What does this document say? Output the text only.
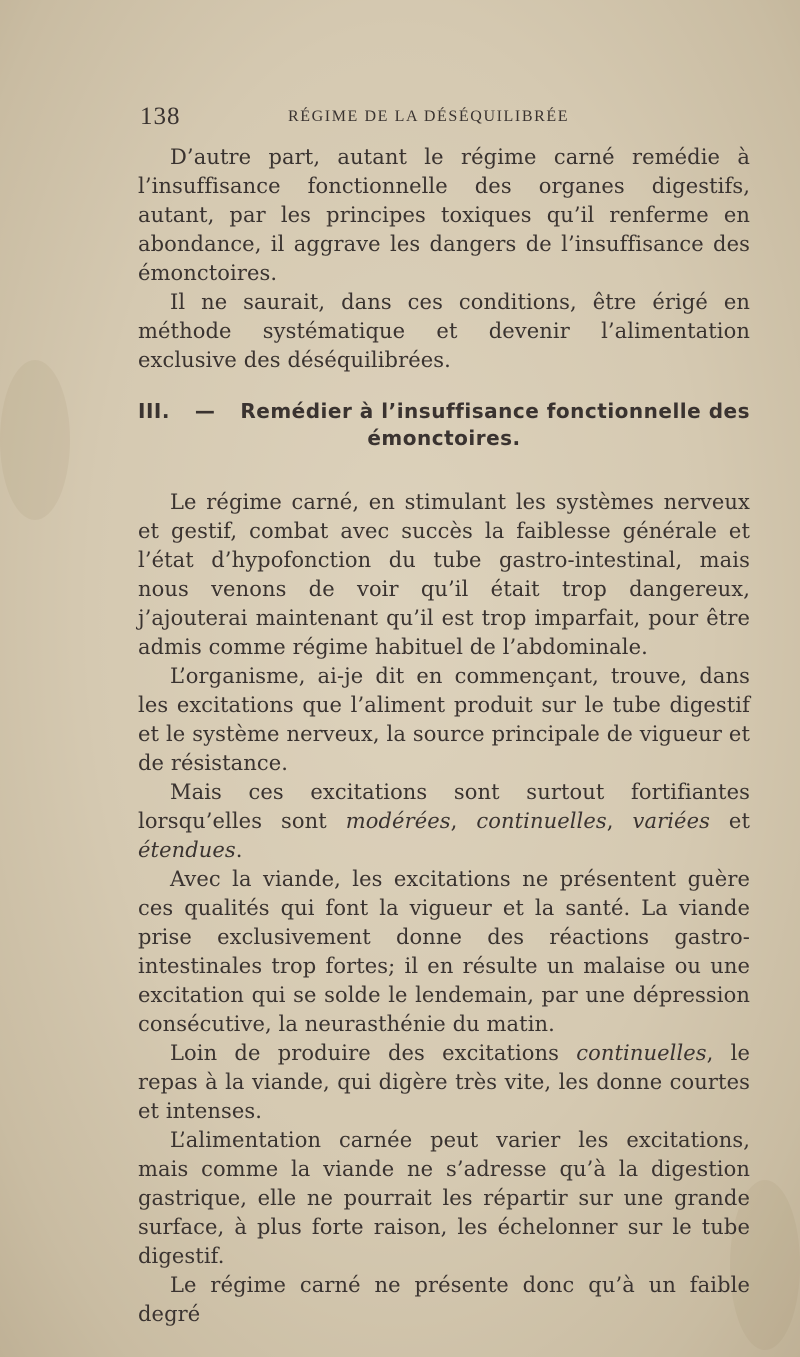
138	RÉGIME DE LA DÉSÉQUILIBRÉE

D’autre part, autant le régime carné remédie à l’insuffisance fonctionnelle des organes digestifs, autant, par les principes toxiques qu’il renferme en abondance, il aggrave les dangers de l’insuffisance des émonctoires.

Il ne saurait, dans ces conditions, être érigé en méthode systématique et devenir l’alimentation exclusive des déséquilibrées.

III. — Remédier à l’insuffisance fonctionnelle des
émonctoires.

Le régime carné, en stimulant les systèmes nerveux et gestif, combat avec succès la faiblesse générale et l’état d’hypofonction du tube gastro-intestinal, mais nous venons de voir qu’il était trop dangereux, j’ajouterai maintenant qu’il est trop imparfait, pour être admis comme régime habituel de l’abdominale.

L’organisme, ai-je dit en commençant, trouve, dans les excitations que l’aliment produit sur le tube digestif et le système nerveux, la source principale de vigueur et de résistance.

Mais ces excitations sont surtout fortifiantes lorsqu’elles sont modérées, continuelles, variées et étendues.

Avec la viande, les excitations ne présentent guère ces qualités qui font la vigueur et la santé. La viande prise exclusivement donne des réactions gastro-intestinales trop fortes; il en résulte un malaise ou une excitation qui se solde le lendemain, par une dépression consécutive, la neurasthénie du matin.

Loin de produire des excitations continuelles, le repas à la viande, qui digère très vite, les donne courtes et intenses.

L’alimentation carnée peut varier les excitations, mais comme la viande ne s’adresse qu’à la digestion gastrique, elle ne pourrait les répartir sur une grande surface, à plus forte raison, les échelonner sur le tube digestif.

Le régime carné ne présente donc qu’à un faible degré
